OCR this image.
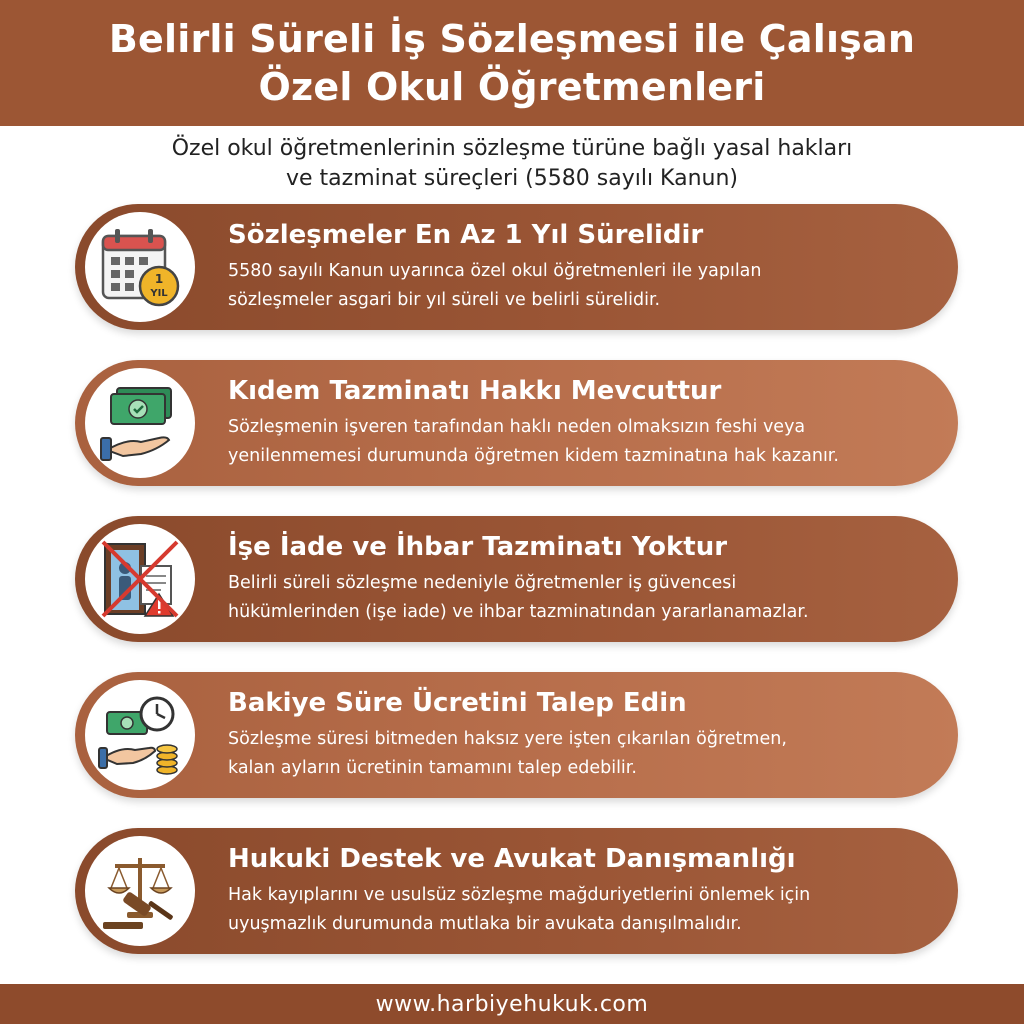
Belirli Süreli İş Sözleşmesi ile Çalışan
Özel Okul Öğretmenleri
Özel okul öğretmenlerinin sözleşme türüne bağlı yasal hakları
ve tazminat süreçleri (5580 sayılı Kanun)
1
YIL
Sözleşmeler En Az 1 Yıl Sürelidir
5580 sayılı Kanun uyarınca özel okul öğretmenleri ile yapılan
sözleşmeler asgari bir yıl süreli ve belirli sürelidir.
Kıdem Tazminatı Hakkı Mevcuttur
Sözleşmenin işveren tarafından haklı neden olmaksızın feshi veya
yenilenmemesi durumunda öğretmen kidem tazminatına hak kazanır.
İşe İade ve İhbar Tazminatı Yoktur
Belirli süreli sözleşme nedeniyle öğretmenler iş güvencesi
hükümlerinden (işe iade) ve ihbar tazminatından yararlanamazlar.
Bakiye Süre Ücretini Talep Edin
Sözleşme süresi bitmeden haksız yere işten çıkarılan öğretmen,
kalan ayların ücretinin tamamını talep edebilir.
Hukuki Destek ve Avukat Danışmanlığı
Hak kayıplarını ve usulsüz sözleşme mağduriyetlerini önlemek için
uyuşmazlık durumunda mutlaka bir avukata danışılmalıdır.
www.harbiyehukuk.com
